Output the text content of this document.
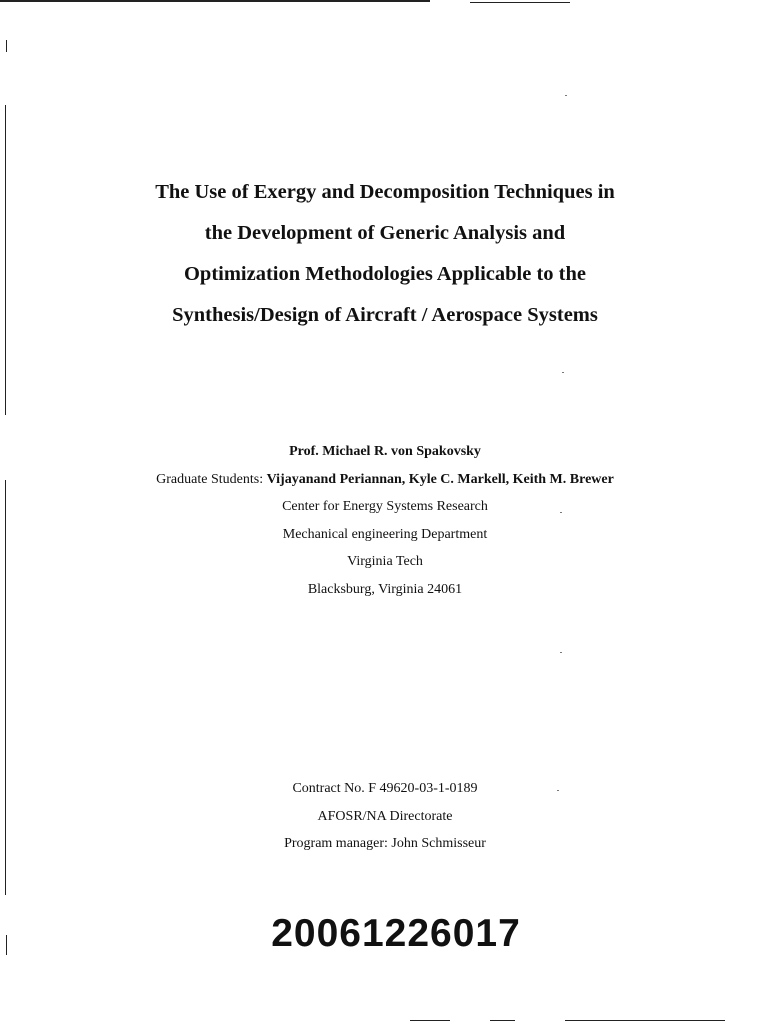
The Use of Exergy and Decomposition Techniques in
the Development of Generic Analysis and
Optimization Methodologies Applicable to the
Synthesis/Design of Aircraft / Aerospace Systems
Prof. Michael R. von Spakovsky
Graduate Students: Vijayanand Periannan, Kyle C. Markell, Keith M. Brewer
Center for Energy Systems Research
Mechanical engineering Department
Virginia Tech
Blacksburg, Virginia 24061
Contract No. F 49620-03-1-0189
AFOSR/NA Directorate
Program manager: John Schmisseur
20061226017
